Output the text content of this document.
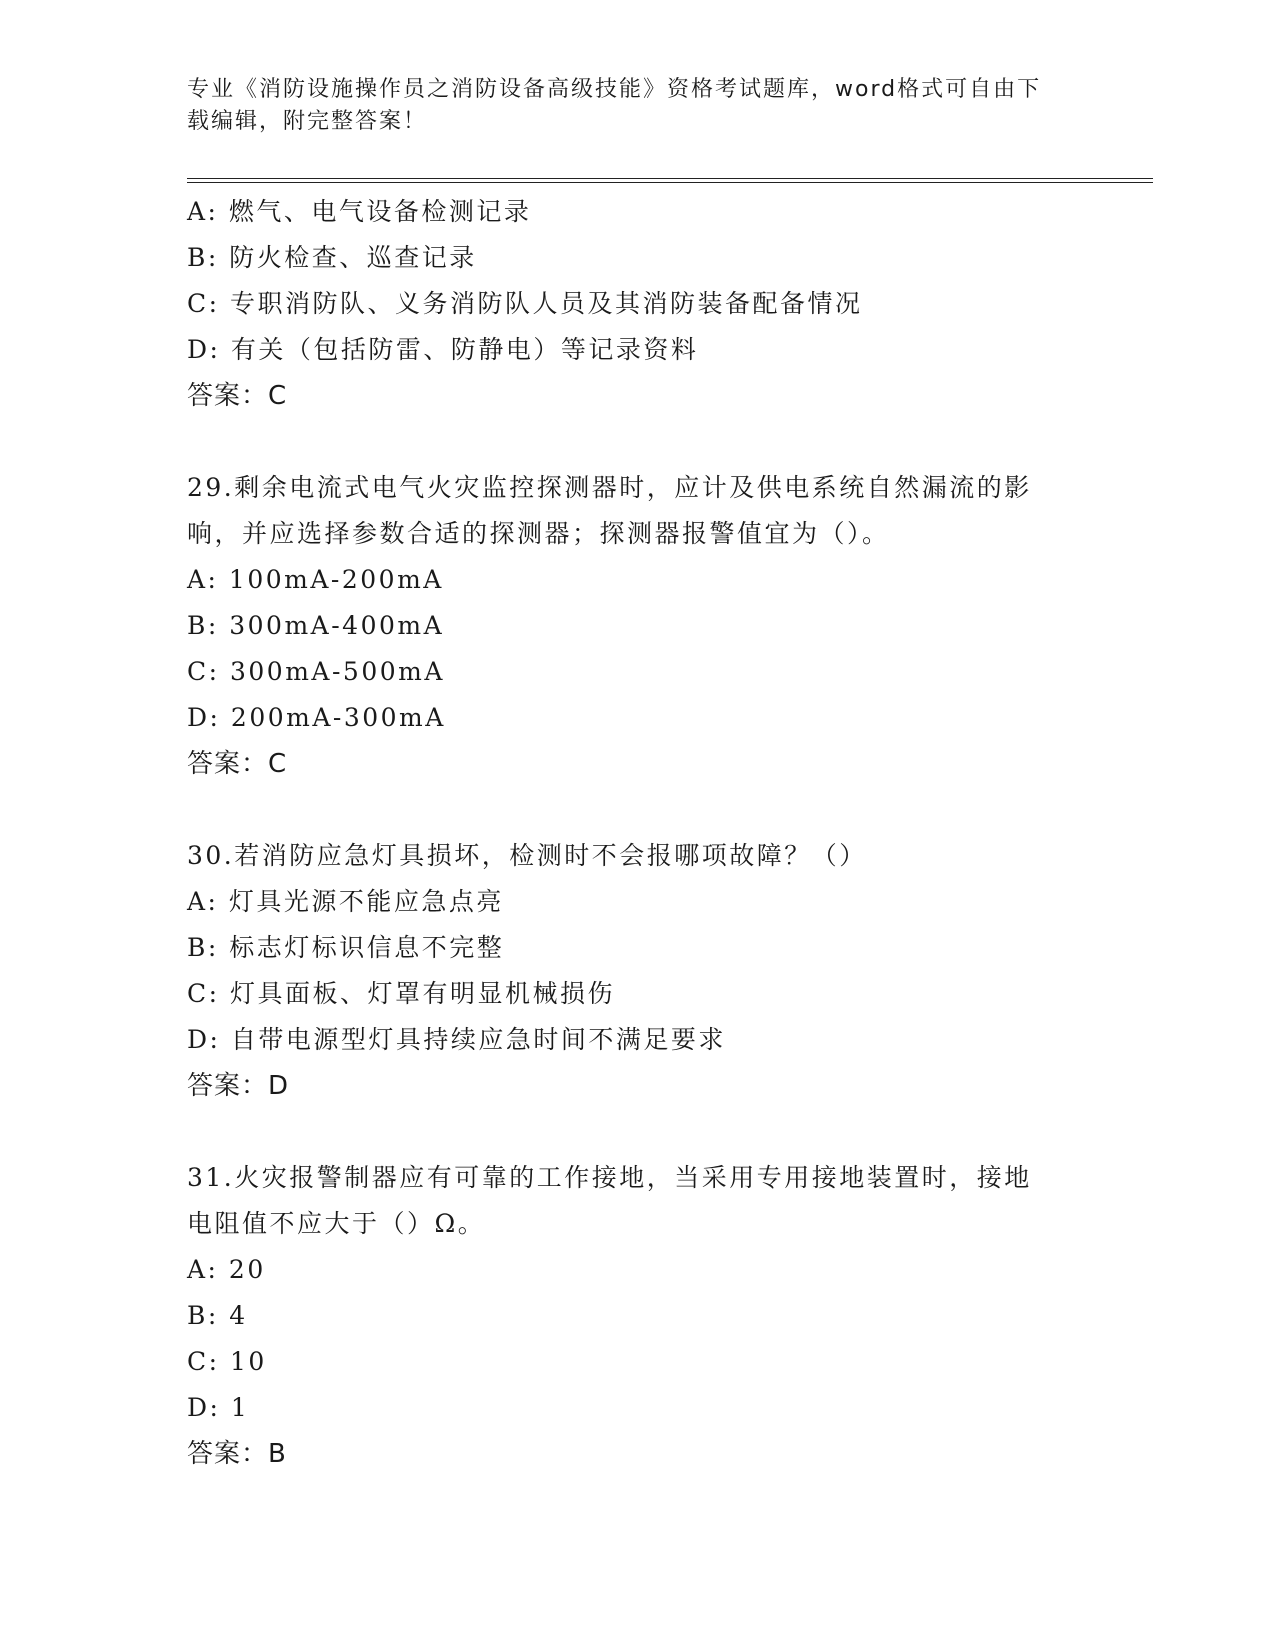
专业《消防设施操作员之消防设备高级技能》资格考试题库，word格式可自由下
载编辑，附完整答案！
A: 燃气、电气设备检测记录
B: 防火检查、巡查记录
C: 专职消防队、义务消防队人员及其消防装备配备情况
D: 有关（包括防雷、防静电）等记录资料
答案：C
29.剩余电流式电气火灾监控探测器时，应计及供电系统自然漏流的影
响，并应选择参数合适的探测器；探测器报警值宜为（）。
A: 100mA-200mA
B: 300mA-400mA
C: 300mA-500mA
D: 200mA-300mA
答案：C
30.若消防应急灯具损坏，检测时不会报哪项故障？（）
A: 灯具光源不能应急点亮
B: 标志灯标识信息不完整
C: 灯具面板、灯罩有明显机械损伤
D: 自带电源型灯具持续应急时间不满足要求
答案：D
31.火灾报警制器应有可靠的工作接地，当采用专用接地装置时，接地
电阻值不应大于（）Ω。
A: 20
B: 4
C: 10
D: 1
答案：B
